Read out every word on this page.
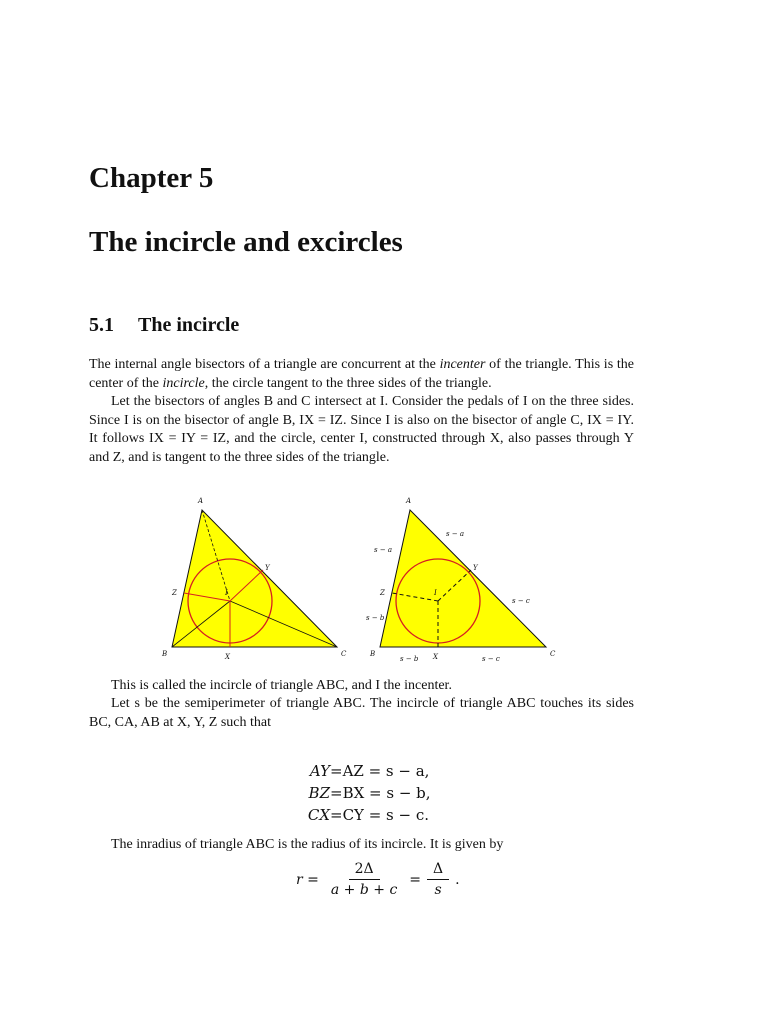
Chapter 5
The incircle and excircles
5.1 The incircle

The internal angle bisectors of a triangle are concurrent at the incenter of the triangle. This is the center of the incircle, the circle tangent to the three sides of the triangle.

Let the bisectors of angles B and C intersect at I. Consider the pedals of I on the three sides. Since I is on the bisector of angle B, IX = IZ. Since I is also on the bisector of angle C, IX = IY. It follows IX = IY = IZ, and the circle, center I, constructed through X, also passes through Y and Z, and is tangent to the three sides of the triangle.

A
B	C
X
Y
Z	I
A
B	C
X
Y
Z	I
s − a
s − a
s − b
s − b
s − c
s − c

This is called the incircle of triangle ABC, and I the incenter.

Let s be the semiperimeter of triangle ABC. The incircle of triangle ABC touches its sides BC, CA, AB at X, Y, Z such that

AY =AZ = s − a,
BZ =BX = s − b,
CX =CY = s − c.

The inradius of triangle ABC is the radius of its incircle. It is given by

$r = \frac{2\Delta}{a + b + c} = \frac{\Delta}{s}$ .
